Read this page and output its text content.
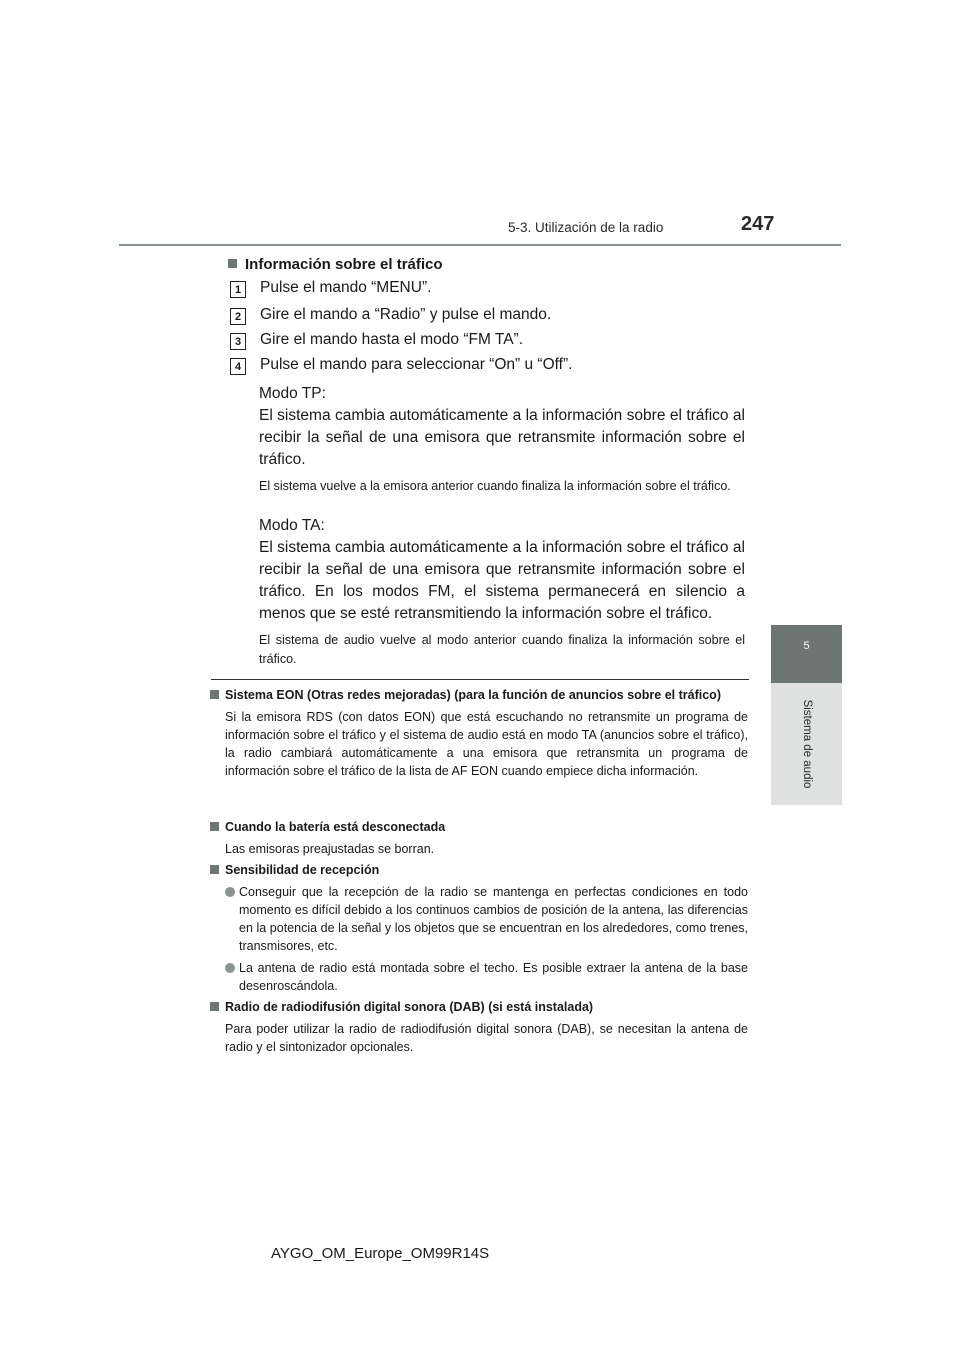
5-3. Utilización de la radio	247
5
Sistema de audio
Información sobre el tráfico
1	Pulse el mando “MENU”.
2	Gire el mando a “Radio” y pulse el mando.
3	Gire el mando hasta el modo “FM TA”.
4	Pulse el mando para seleccionar “On” u “Off”.
Modo TP:
El sistema cambia automáticamente a la información sobre el tráfico al recibir la señal de una emisora que retransmite información sobre el tráfico.
El sistema vuelve a la emisora anterior cuando finaliza la información sobre el tráfico.
Modo TA:
El sistema cambia automáticamente a la información sobre el tráfico al recibir la señal de una emisora que retransmite información sobre el tráfico. En los modos FM, el sistema permanecerá en silencio a menos que se esté retransmitiendo la información sobre el tráfico.
El sistema de audio vuelve al modo anterior cuando finaliza la información sobre el tráfico.
Sistema EON (Otras redes mejoradas) (para la función de anuncios sobre el tráfico)
Si la emisora RDS (con datos EON) que está escuchando no retransmite un programa de información sobre el tráfico y el sistema de audio está en modo TA (anuncios sobre el tráfico), la radio cambiará automáticamente a una emisora que retransmita un programa de información sobre el tráfico de la lista de AF EON cuando empiece dicha información.
Cuando la batería está desconectada
Las emisoras preajustadas se borran.
Sensibilidad de recepción
Conseguir que la recepción de la radio se mantenga en perfectas condiciones en todo momento es difícil debido a los continuos cambios de posición de la antena, las diferencias en la potencia de la señal y los objetos que se encuentran en los alrededores, como trenes, transmisores, etc.
La antena de radio está montada sobre el techo. Es posible extraer la antena de la base desenroscándola.
Radio de radiodifusión digital sonora (DAB) (si está instalada)
Para poder utilizar la radio de radiodifusión digital sonora (DAB), se necesitan la antena de radio y el sintonizador opcionales.
AYGO_OM_Europe_OM99R14S
